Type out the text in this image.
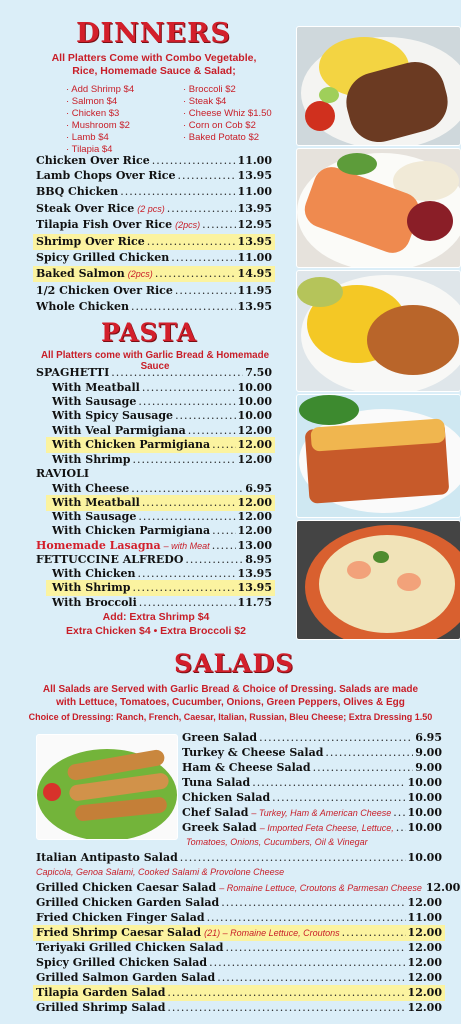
DINNERS
All Platters Come with Combo Vegetable,
Rice, Homemade Sauce & Salad;
· Add Shrimp $4
· Salmon $4
· Chicken $3
· Mushroom $2
· Lamb $4
· Tilapia $4
· Broccoli $2
· Steak $4
· Cheese Whiz $1.50
· Corn on Cob $2
· Baked Potato $2
Chicken Over Rice .....	11.00
Lamb Chops Over Rice .....	13.95
BBQ Chicken .....	11.00
Steak Over Rice (2 pcs) .....	13.95
Tilapia Fish Over Rice (2pcs) .....	12.95
Shrimp Over Rice .....	13.95
Spicy Grilled Chicken .....	11.00
Baked Salmon (2pcs) .....	14.95
1/2 Chicken Over Rice .....	11.95
Whole Chicken .....	13.95
PASTA
All Platters come with Garlic Bread & Homemade Sauce
SPAGHETTI .....	7.50
With Meatball .....	10.00
With Sausage .....	10.00
With Spicy Sausage .....	10.00
With Veal Parmigiana .....	12.00
With Chicken Parmigiana ..... 12.00
With Shrimp .....	12.00
RAVIOLI
With Cheese .....	6.95
With Meatball .....	12.00
With Sausage .....	12.00
With Chicken Parmigiana ..... 12.00
Homemade Lasagna – with Meat .....	13.00
FETTUCCINE ALFREDO .....	8.95
With Chicken .....	13.95
With Shrimp .....	13.95
With Broccoli .....	11.75
Add: Extra Shrimp $4
Extra Chicken $4 • Extra Broccoli $2
SALADS
All Salads are Served with Garlic Bread & Choice of Dressing. Salads are made
with Lettuce, Tomatoes, Cucumber, Onions, Green Peppers, Olives & Egg
Choice of Dressing: Ranch, French, Caesar, Italian, Russian, Bleu Cheese; Extra Dressing 1.50
Green Salad .....	6.95
Turkey & Cheese Salad .....	9.00
Ham & Cheese Salad .....	9.00
Tuna Salad .....	10.00
Chicken Salad .....	10.00
Chef Salad – Turkey, Ham & American Cheese ..... 10.00
Greek Salad – Imported Feta Cheese, Lettuce, ..... 10.00
Tomatoes, Onions, Cucumbers, Oil & Vinegar
Italian Antipasto Salad .....	10.00
Capicola, Genoa Salami, Cooked Salami & Provolone Cheese
Grilled Chicken Caesar Salad – Romaine Lettuce, Croutons & Parmesan Cheese 12.00
Grilled Chicken Garden Salad .....	12.00
Fried Chicken Finger Salad .....	11.00
Fried Shrimp Caesar Salad (21) – Romaine Lettuce, Croutons .....	12.00
Teriyaki Grilled Chicken Salad .....	12.00
Spicy Grilled Chicken Salad .....	12.00
Grilled Salmon Garden Salad .....	12.00
Tilapia Garden Salad .....	12.00
Grilled Shrimp Salad .....	12.00
